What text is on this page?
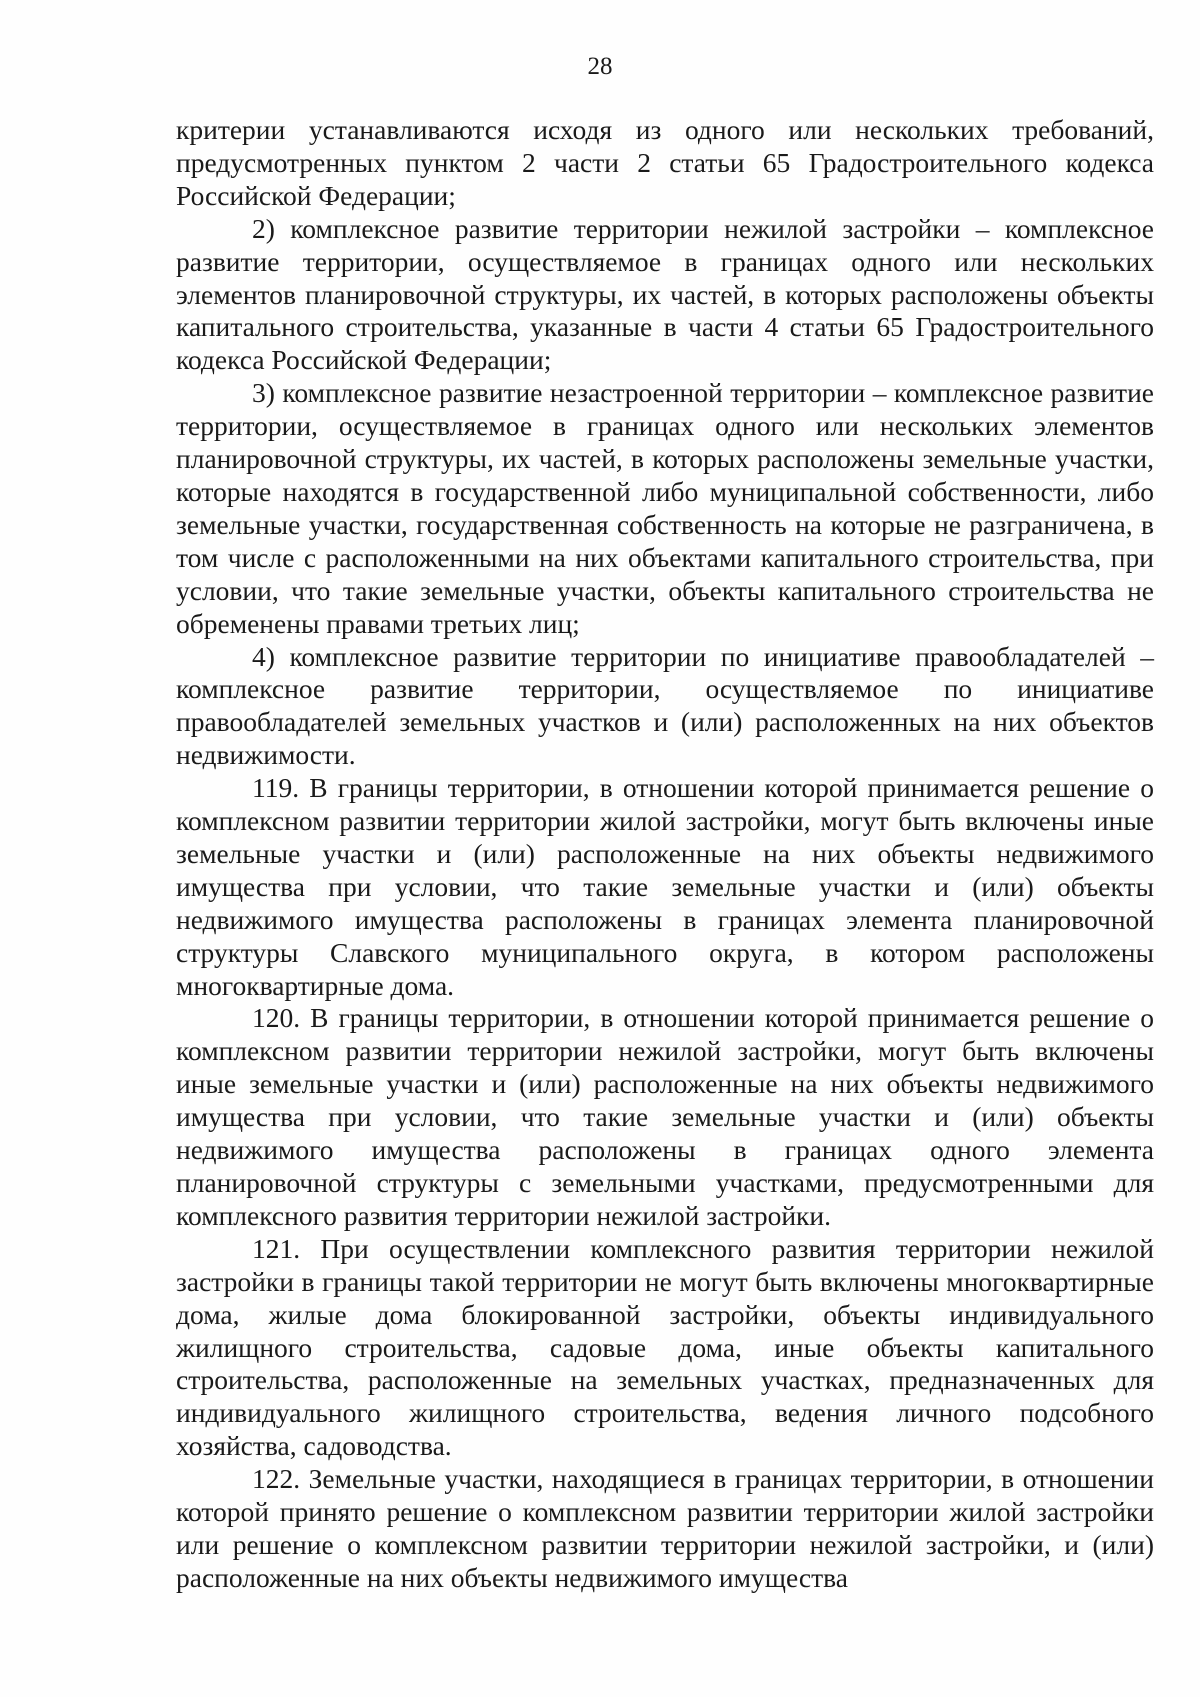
28

критерии устанавливаются исходя из одного или нескольких требований, предусмотренных пунктом 2 части 2 статьи 65 Градостроительного кодекса Российской Федерации;

2) комплексное развитие территории нежилой застройки – комплексное развитие территории, осуществляемое в границах одного или нескольких элементов планировочной структуры, их частей, в которых расположены объекты капитального строительства, указанные в части 4 статьи 65 Градостроительного кодекса Российской Федерации;

3) комплексное развитие незастроенной территории – комплексное развитие территории, осуществляемое в границах одного или нескольких элементов планировочной структуры, их частей, в которых расположены земельные участки, которые находятся в государственной либо муниципальной собственности, либо земельные участки, государственная собственность на которые не разграничена, в том числе с расположенными на них объектами капитального строительства, при условии, что такие земельные участки, объекты капитального строительства не обременены правами третьих лиц;

4) комплексное развитие территории по инициативе правообладателей – комплексное развитие территории, осуществляемое по инициативе правообладателей земельных участков и (или) расположенных на них объектов недвижимости.

119. В границы территории, в отношении которой принимается решение о комплексном развитии территории жилой застройки, могут быть включены иные земельные участки и (или) расположенные на них объекты недвижимого имущества при условии, что такие земельные участки и (или) объекты недвижимого имущества расположены в границах элемента планировочной структуры Славского муниципального округа, в котором расположены многоквартирные дома.

120. В границы территории, в отношении которой принимается решение о комплексном развитии территории нежилой застройки, могут быть включены иные земельные участки и (или) расположенные на них объекты недвижимого имущества при условии, что такие земельные участки и (или) объекты недвижимого имущества расположены в границах одного элемента планировочной структуры с земельными участками, предусмотренными для комплексного развития территории нежилой застройки.

121. При осуществлении комплексного развития территории нежилой застройки в границы такой территории не могут быть включены многоквартирные дома, жилые дома блокированной застройки, объекты индивидуального жилищного строительства, садовые дома, иные объекты капитального строительства, расположенные на земельных участках, предназначенных для индивидуального жилищного строительства, ведения личного подсобного хозяйства, садоводства.

122. Земельные участки, находящиеся в границах территории, в отношении которой принято решение о комплексном развитии территории жилой застройки или решение о комплексном развитии территории нежилой застройки, и (или) расположенные на них объекты недвижимого имущества
